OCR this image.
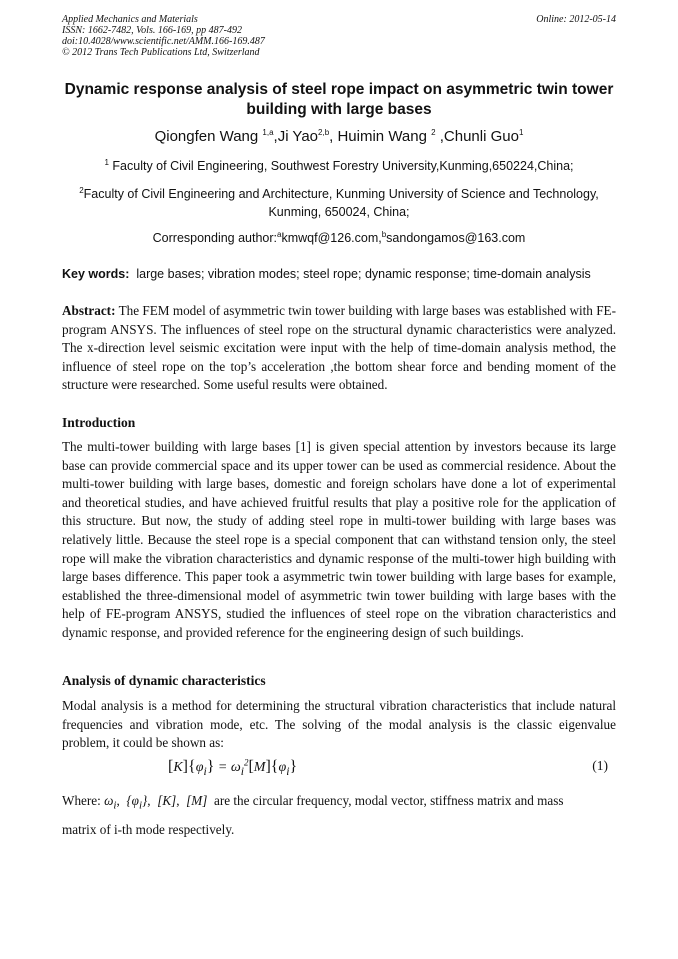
Applied Mechanics and Materials
ISSN: 1662-7482, Vols. 166-169, pp 487-492
doi:10.4028/www.scientific.net/AMM.166-169.487
© 2012 Trans Tech Publications Ltd, Switzerland
Online: 2012-05-14
Dynamic response analysis of steel rope impact on asymmetric twin tower building with large bases
Qiongfen Wang $^{1,a}$,Ji Yao$^{2,b}$, Huimin Wang $^2$ ,Chunli Guo$^1$
$^1$ Faculty of Civil Engineering, Southwest Forestry University,Kunming,650224,China;
$^2$Faculty of Civil Engineering and Architecture, Kunming University of Science and Technology,
Kunming, 650024, China;
Corresponding author:$^a$kmwqf@126.com,$^b$sandongamos@163.com
Key words: large bases; vibration modes; steel rope; dynamic response; time-domain analysis
Abstract: The FEM model of asymmetric twin tower building with large bases was established with FE-program ANSYS. The influences of steel rope on the structural dynamic characteristics were analyzed. The x-direction level seismic excitation were input with the help of time-domain analysis method, the influence of steel rope on the top’s acceleration ,the bottom shear force and bending moment of the structure were researched. Some useful results were obtained.
Introduction
The multi-tower building with large bases [1] is given special attention by investors because its large base can provide commercial space and its upper tower can be used as commercial residence. About the multi-tower building with large bases, domestic and foreign scholars have done a lot of experimental and theoretical studies, and have achieved fruitful results that play a positive role for the application of this structure. But now, the study of adding steel rope in multi-tower building with large bases was relatively little. Because the steel rope is a special component that can withstand tension only, the steel rope will make the vibration characteristics and dynamic response of the multi-tower high building with large bases difference. This paper took a asymmetric twin tower building with large bases for example, established the three-dimensional model of asymmetric twin tower building with large bases with the help of FE-program ANSYS, studied the influences of steel rope on the vibration characteristics and dynamic response, and provided reference for the engineering design of such buildings.
Analysis of dynamic characteristics
Modal analysis is a method for determining the structural vibration characteristics that include natural frequencies and vibration mode, etc. The solving of the modal analysis is the classic eigenvalue problem, it could be shown as:
$[K]\{\varphi_i\} = \omega_i^2[M]\{\varphi_i\}$	(1)
Where: $\omega_i$,  $\{\varphi_i\}$,  [K],  [M] are the circular frequency, modal vector, stiffness matrix and mass
matrix of i-th mode respectively.
